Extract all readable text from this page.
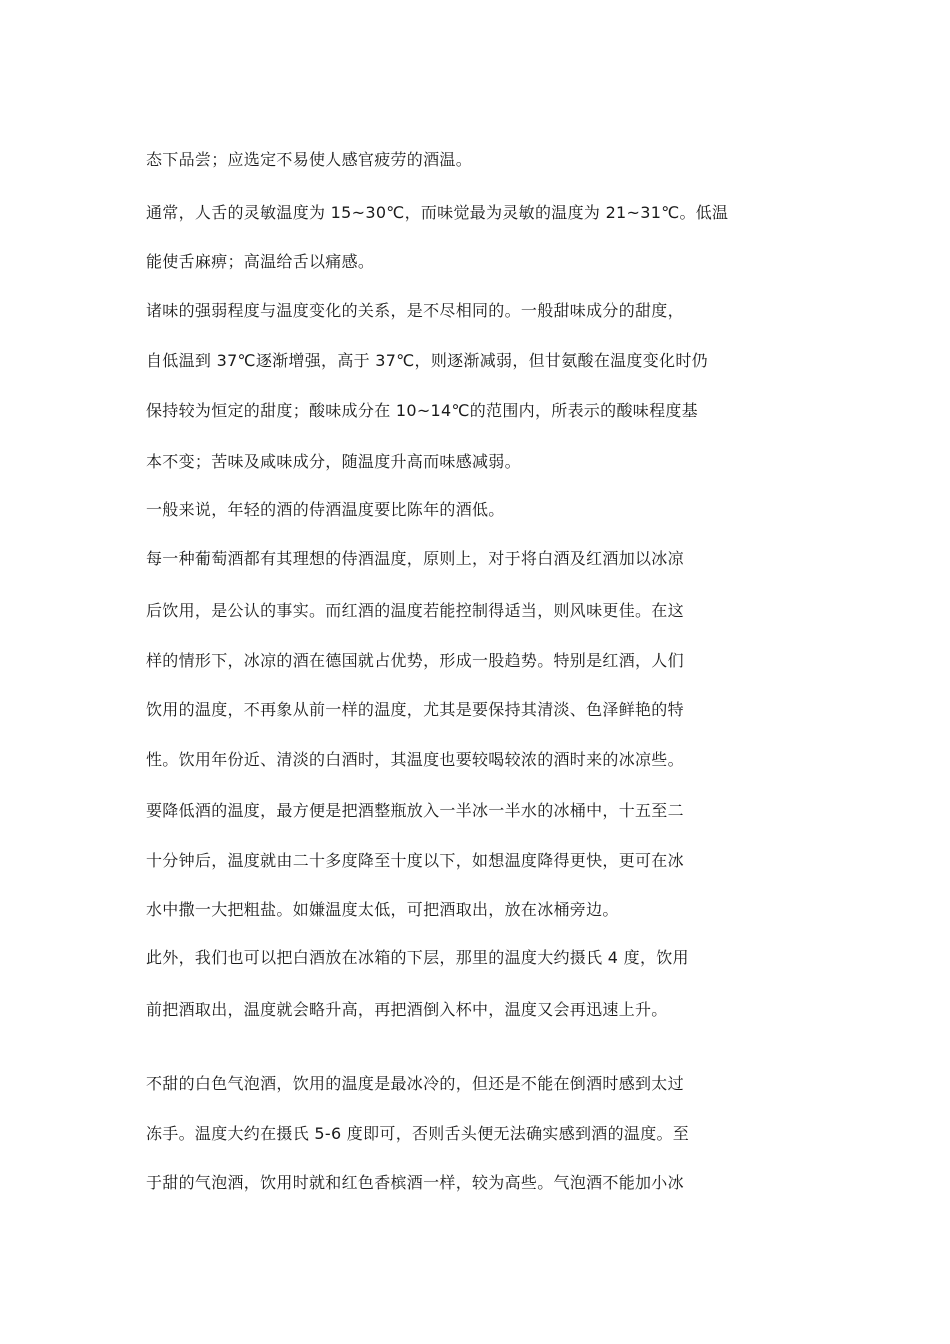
态下品尝；应选定不易使人感官疲劳的酒温。
通常，人舌的灵敏温度为 15~30℃，而味觉最为灵敏的温度为 21~31℃。低温
能使舌麻痹；高温给舌以痛感。
诸味的强弱程度与温度变化的关系，是不尽相同的。一般甜味成分的甜度，
自低温到 37℃逐渐增强，高于 37℃，则逐渐减弱，但甘氨酸在温度变化时仍
保持较为恒定的甜度；酸味成分在 10~14℃的范围内，所表示的酸味程度基
本不变；苦味及咸味成分，随温度升高而味感减弱。
一般来说，年轻的酒的侍酒温度要比陈年的酒低。
每一种葡萄酒都有其理想的侍酒温度，原则上，对于将白酒及红酒加以冰凉
后饮用，是公认的事实。而红酒的温度若能控制得适当，则风味更佳。在这
样的情形下，冰凉的酒在德国就占优势，形成一股趋势。特别是红酒，人们
饮用的温度，不再象从前一样的温度，尤其是要保持其清淡、色泽鲜艳的特
性。饮用年份近、清淡的白酒时，其温度也要较喝较浓的酒时来的冰凉些。
要降低酒的温度，最方便是把酒整瓶放入一半冰一半水的冰桶中，十五至二
十分钟后，温度就由二十多度降至十度以下，如想温度降得更快，更可在冰
水中撒一大把粗盐。如嫌温度太低，可把酒取出，放在冰桶旁边。
此外，我们也可以把白酒放在冰箱的下层，那里的温度大约摄氏 4 度，饮用
前把酒取出，温度就会略升高，再把酒倒入杯中，温度又会再迅速上升。
不甜的白色气泡酒，饮用的温度是最冰冷的，但还是不能在倒酒时感到太过
冻手。温度大约在摄氏 5-6 度即可，否则舌头便无法确实感到酒的温度。至
于甜的气泡酒，饮用时就和红色香槟酒一样，较为高些。气泡酒不能加小冰
